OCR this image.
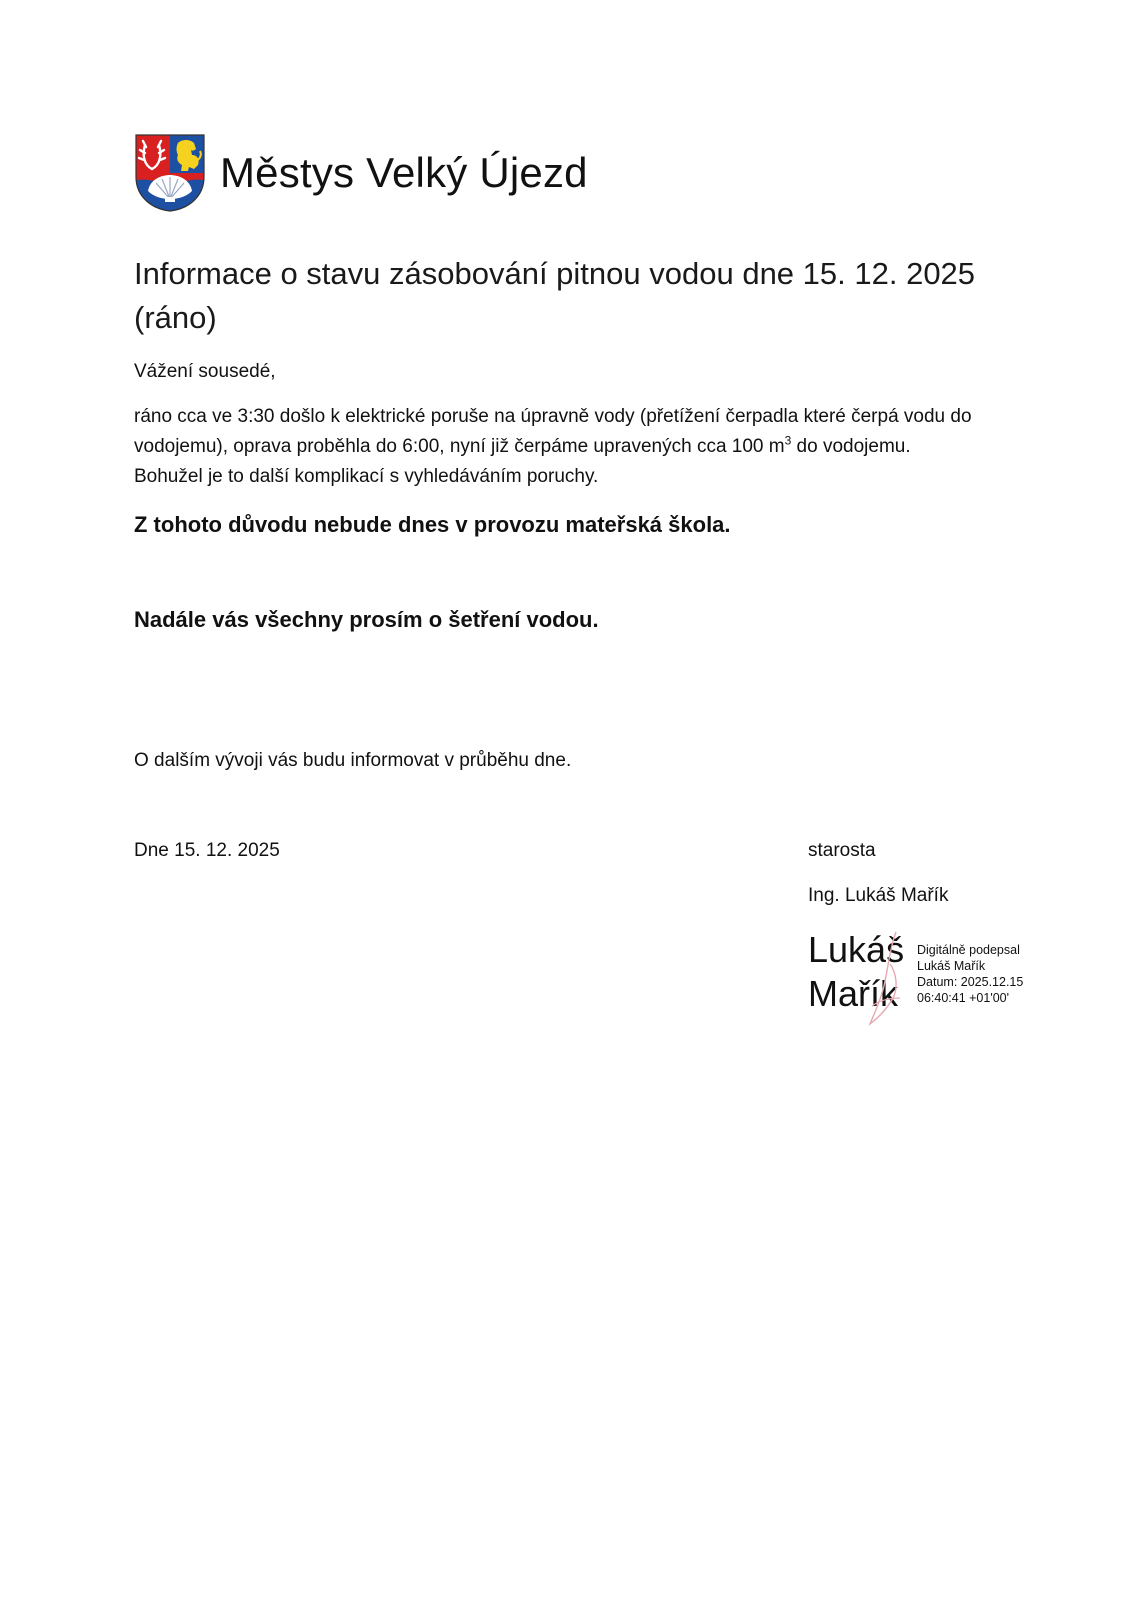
Městys Velký Újezd
Informace o stavu zásobování pitnou vodou dne 15. 12. 2025 (ráno)
Vážení sousedé,
ráno cca ve 3:30 došlo k elektrické poruše na úpravně vody (přetížení čerpadla které čerpá vodu do vodojemu), oprava proběhla do 6:00, nyní již čerpáme upravených cca 100 $m^3$ do vodojemu. Bohužel je to další komplikací s vyhledáváním poruchy.
Z tohoto důvodu nebude dnes v provozu mateřská škola.
Nadále vás všechny prosím o šetření vodou.
O dalším vývoji vás budu informovat v průběhu dne.
Dne 15. 12. 2025	starosta
Ing. Lukáš Mařík
Lukáš
Mařík
Digitálně podepsal
Lukáš Mařík
Datum: 2025.12.15
06:40:41 +01'00'
